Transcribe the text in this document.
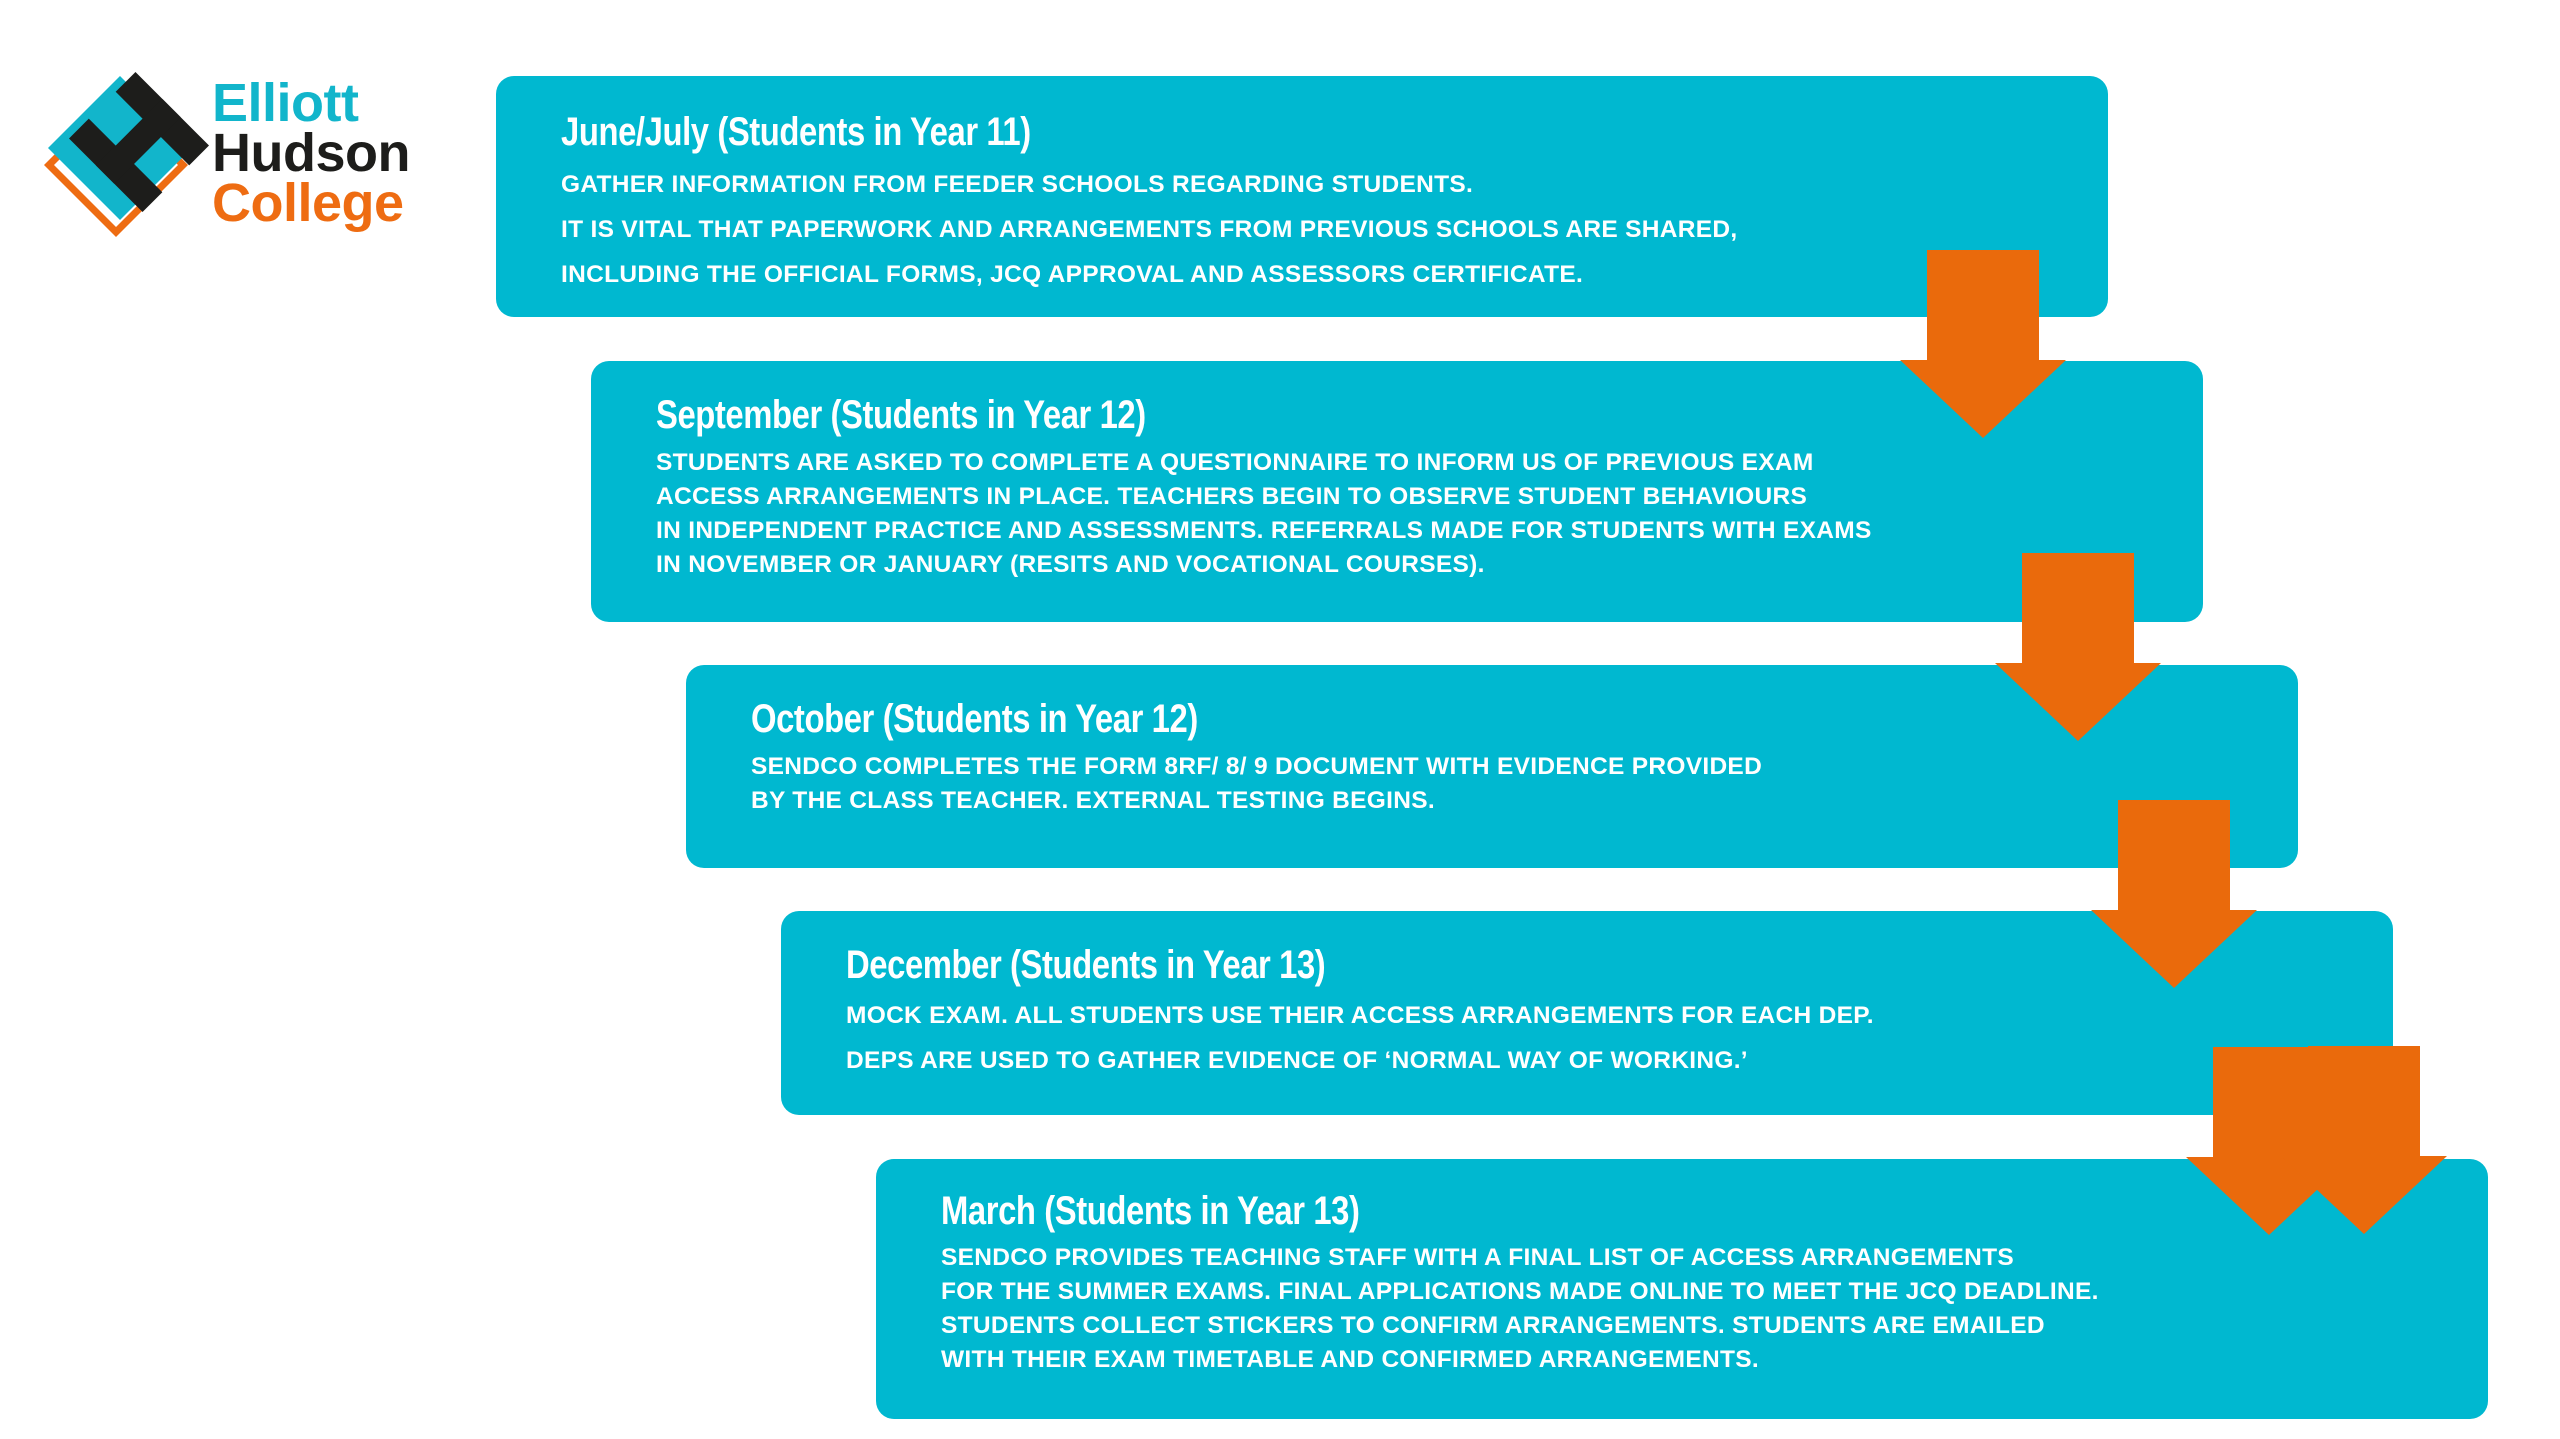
Elliott
Hudson
College
June/July (Students in Year 11)
GATHER INFORMATION FROM FEEDER SCHOOLS REGARDING STUDENTS.
IT IS VITAL THAT PAPERWORK AND ARRANGEMENTS FROM PREVIOUS SCHOOLS ARE SHARED,
INCLUDING THE OFFICIAL FORMS, JCQ APPROVAL AND ASSESSORS CERTIFICATE.
September (Students in Year 12)
STUDENTS ARE ASKED TO COMPLETE A QUESTIONNAIRE TO INFORM US OF PREVIOUS EXAM
ACCESS ARRANGEMENTS IN PLACE. TEACHERS BEGIN TO OBSERVE STUDENT BEHAVIOURS
IN INDEPENDENT PRACTICE AND ASSESSMENTS. REFERRALS MADE FOR STUDENTS WITH EXAMS
IN NOVEMBER OR JANUARY (RESITS AND VOCATIONAL COURSES).
October (Students in Year 12)
SENDCO COMPLETES THE FORM 8RF/ 8/ 9 DOCUMENT WITH EVIDENCE PROVIDED
BY THE CLASS TEACHER. EXTERNAL TESTING BEGINS.
December (Students in Year 13)
MOCK EXAM. ALL STUDENTS USE THEIR ACCESS ARRANGEMENTS FOR EACH DEP.
DEPS ARE USED TO GATHER EVIDENCE OF ‘NORMAL WAY OF WORKING.’
March (Students in Year 13)
SENDCO PROVIDES TEACHING STAFF WITH A FINAL LIST OF ACCESS ARRANGEMENTS
FOR THE SUMMER EXAMS. FINAL APPLICATIONS MADE ONLINE TO MEET THE JCQ DEADLINE.
STUDENTS COLLECT STICKERS TO CONFIRM ARRANGEMENTS. STUDENTS ARE EMAILED
WITH THEIR EXAM TIMETABLE AND CONFIRMED ARRANGEMENTS.
